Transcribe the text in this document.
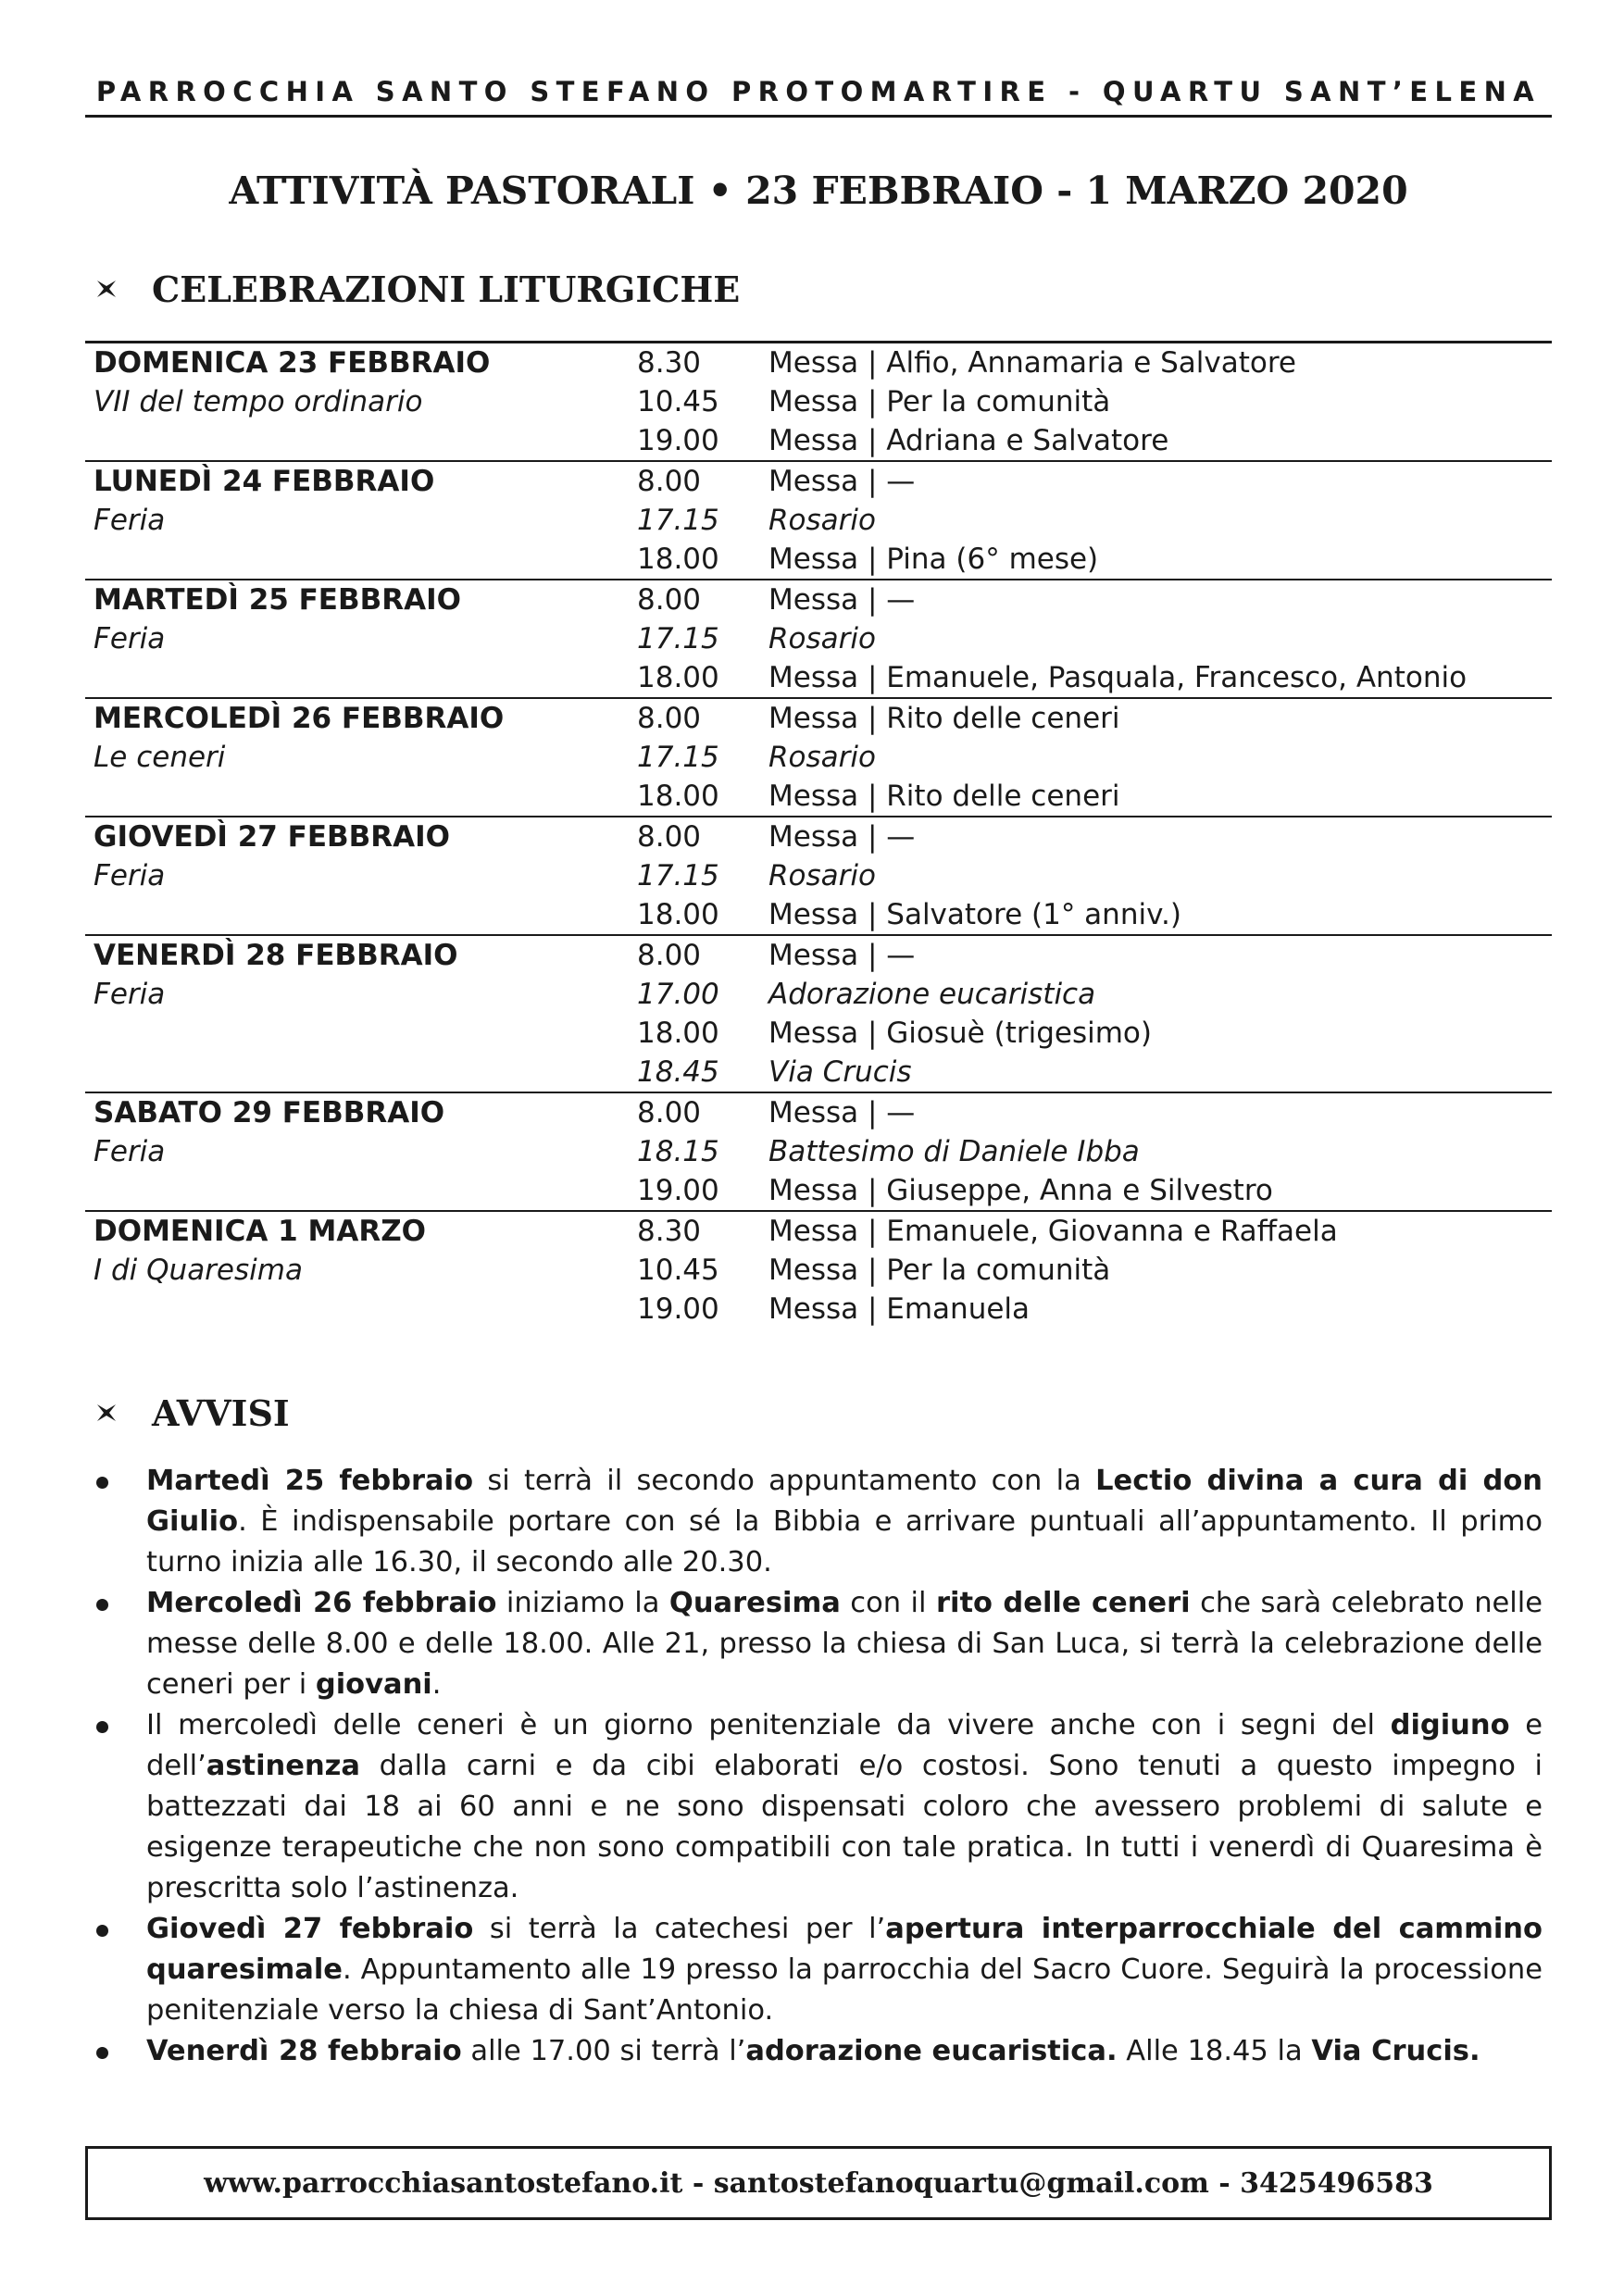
PARROCCHIA SANTO STEFANO PROTOMARTIRE - QUARTU SANT’ELENA
ATTIVITÀ PASTORALI • 23 FEBBRAIO - 1 MARZO 2020
CELEBRAZIONI LITURGICHE
DOMENICA 23 FEBBRAIO	8.30	Messa | Alfio, Annamaria e Salvatore
VII del tempo ordinario	10.45	Messa | Per la comunità
	19.00	Messa | Adriana e Salvatore
LUNEDÌ 24 FEBBRAIO	8.00	Messa | —
Feria	17.15	Rosario
	18.00	Messa | Pina (6° mese)
MARTEDÌ 25 FEBBRAIO	8.00	Messa | —
Feria	17.15	Rosario
	18.00	Messa | Emanuele, Pasquala, Francesco, Antonio
MERCOLEDÌ 26 FEBBRAIO	8.00	Messa | Rito delle ceneri
Le ceneri	17.15	Rosario
	18.00	Messa | Rito delle ceneri
GIOVEDÌ 27 FEBBRAIO	8.00	Messa | —
Feria	17.15	Rosario
	18.00	Messa | Salvatore (1° anniv.)
VENERDÌ 28 FEBBRAIO	8.00	Messa | —
Feria	17.00	Adorazione eucaristica
	18.00	Messa | Giosuè (trigesimo)
	18.45	Via Crucis
SABATO 29 FEBBRAIO	8.00	Messa | —
Feria	18.15	Battesimo di Daniele Ibba
	19.00	Messa | Giuseppe, Anna e Silvestro
DOMENICA 1 MARZO	8.30	Messa | Emanuele, Giovanna e Raffaela
I di Quaresima	10.45	Messa | Per la comunità
	19.00	Messa | Emanuela
AVVISI
Martedì 25 febbraio si terrà il secondo appuntamento con la Lectio divina a cura di don Giulio. È indispensabile portare con sé la Bibbia e arrivare puntuali all’appuntamento. Il primo turno inizia alle 16.30, il secondo alle 20.30.
Mercoledì 26 febbraio iniziamo la Quaresima con il rito delle ceneri che sarà celebrato nelle messe delle 8.00 e delle 18.00. Alle 21, presso la chiesa di San Luca, si terrà la celebrazione delle ceneri per i giovani.
Il mercoledì delle ceneri è un giorno penitenziale da vivere anche con i segni del digiuno e dell’astinenza dalla carni e da cibi elaborati e/o costosi. Sono tenuti a questo impegno i battezzati dai 18 ai 60 anni e ne sono dispensati coloro che avessero problemi di salute e esigenze terapeutiche che non sono compatibili con tale pratica. In tutti i venerdì di Quaresima è prescritta solo l’astinenza.
Giovedì 27 febbraio si terrà la catechesi per l’apertura interparrocchiale del cammino quaresimale. Appuntamento alle 19 presso la parrocchia del Sacro Cuore. Seguirà la processione penitenziale verso la chiesa di Sant’Antonio.
Venerdì 28 febbraio alle 17.00 si terrà l’adorazione eucaristica. Alle 18.45 la Via Crucis.
www.parrocchiasantostefano.it - santostefanoquartu@gmail.com - 3425496583
